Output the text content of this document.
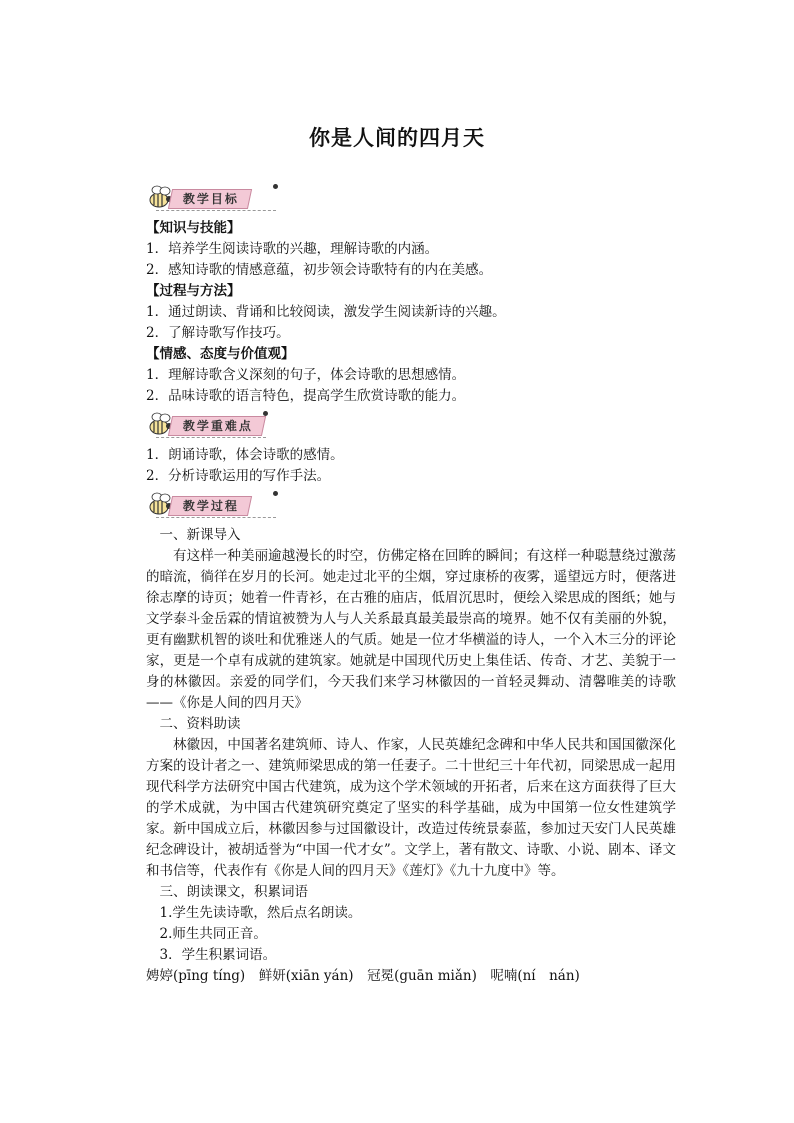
你是人间的四月天
教学目标

【知识与技能】

1．培养学生阅读诗歌的兴趣，理解诗歌的内涵。

2．感知诗歌的情感意蕴，初步领会诗歌特有的内在美感。

【过程与方法】

1．通过朗读、背诵和比较阅读，激发学生阅读新诗的兴趣。

2．了解诗歌写作技巧。

【情感、态度与价值观】

1．理解诗歌含义深刻的句子，体会诗歌的思想感情。

2．品味诗歌的语言特色，提高学生欣赏诗歌的能力。

教学重难点

1．朗诵诗歌，体会诗歌的感情。

2．分析诗歌运用的写作手法。

教学过程

一、新课导入

有这样一种美丽逾越漫长的时空，仿佛定格在回眸的瞬间；有这样一种聪慧绕过激荡的暗流，徜徉在岁月的长河。她走过北平的尘烟，穿过康桥的夜雾，遥望远方时，便落进徐志摩的诗页；她着一件青衫，在古雅的庙店，低眉沉思时，便绘入梁思成的图纸；她与文学泰斗金岳霖的情谊被赞为人与人关系最真最美最崇高的境界。她不仅有美丽的外貌，更有幽默机智的谈吐和优雅迷人的气质。她是一位才华横溢的诗人，一个入木三分的评论家，更是一个卓有成就的建筑家。她就是中国现代历史上集佳话、传奇、才艺、美貌于一身的林徽因。亲爱的同学们，今天我们来学习林徽因的一首轻灵舞动、清馨唯美的诗歌——《你是人间的四月天》

二、资料助读

林徽因，中国著名建筑师、诗人、作家，人民英雄纪念碑和中华人民共和国国徽深化方案的设计者之一、建筑师梁思成的第一任妻子。二十世纪三十年代初，同梁思成一起用现代科学方法研究中国古代建筑，成为这个学术领域的开拓者，后来在这方面获得了巨大的学术成就，为中国古代建筑研究奠定了坚实的科学基础，成为中国第一位女性建筑学家。新中国成立后，林徽因参与过国徽设计，改造过传统景泰蓝，参加过天安门人民英雄纪念碑设计，被胡适誉为“中国一代才女”。文学上，著有散文、诗歌、小说、剧本、译文和书信等，代表作有《你是人间的四月天》《莲灯》《九十九度中》等。

三、朗读课文，积累词语

1.学生先读诗歌，然后点名朗读。

2.师生共同正音。

3．学生积累词语。

娉婷(pīng tíng)　鲜妍(xiān yán)　冠冕(guān miǎn)　呢喃(ní　nán)
